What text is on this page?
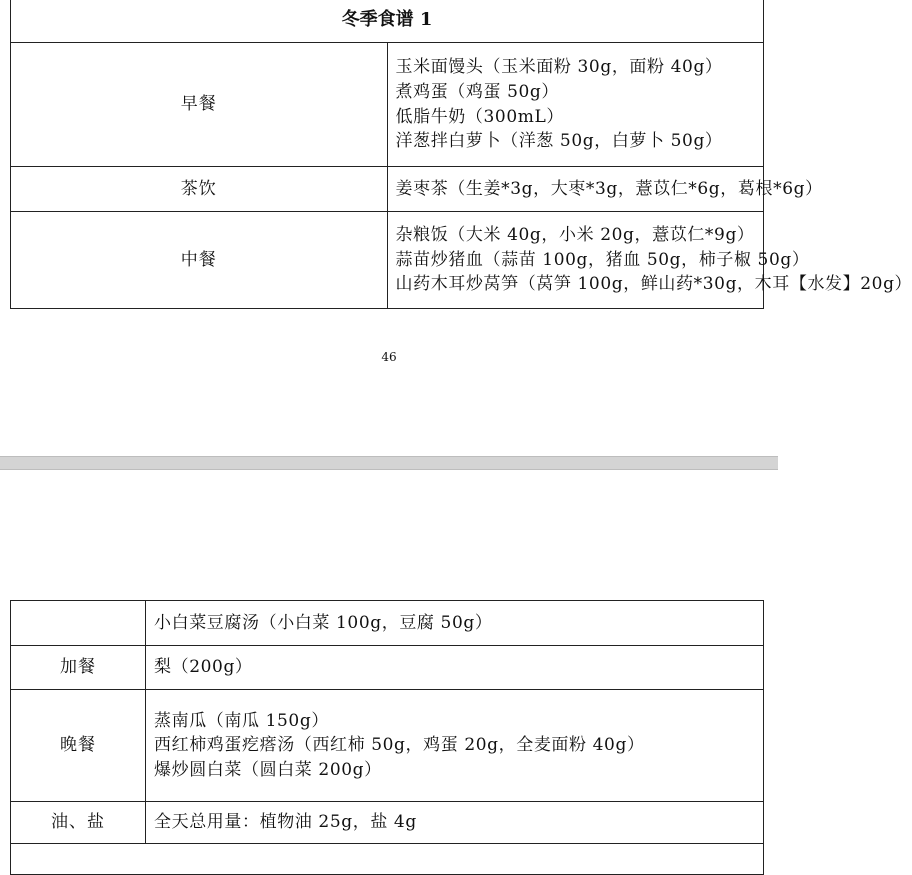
冬季食谱 1	
早餐	玉米面馒头（玉米面粉 30g，面粉 40g）
煮鸡蛋（鸡蛋 50g）
低脂牛奶（300mL）
洋葱拌白萝卜（洋葱 50g，白萝卜 50g）

茶饮	姜枣茶（生姜*3g，大枣*3g，薏苡仁*6g，葛根*6g）

中餐	杂粮饭（大米 40g，小米 20g，薏苡仁*9g）
蒜苗炒猪血（蒜苗 100g，猪血 50g，柿子椒 50g）
山药木耳炒莴笋（莴笋 100g，鲜山药*30g，木耳【水发】20g）
46

	小白菜豆腐汤（小白菜 100g，豆腐 50g）

加餐	梨（200g）

晚餐	蒸南瓜（南瓜 150g）
西红柿鸡蛋疙瘩汤（西红柿 50g，鸡蛋 20g，全麦面粉 40g）
爆炒圆白菜（圆白菜 200g）

油、盐	全天总用量：植物油 25g，盐 4g
